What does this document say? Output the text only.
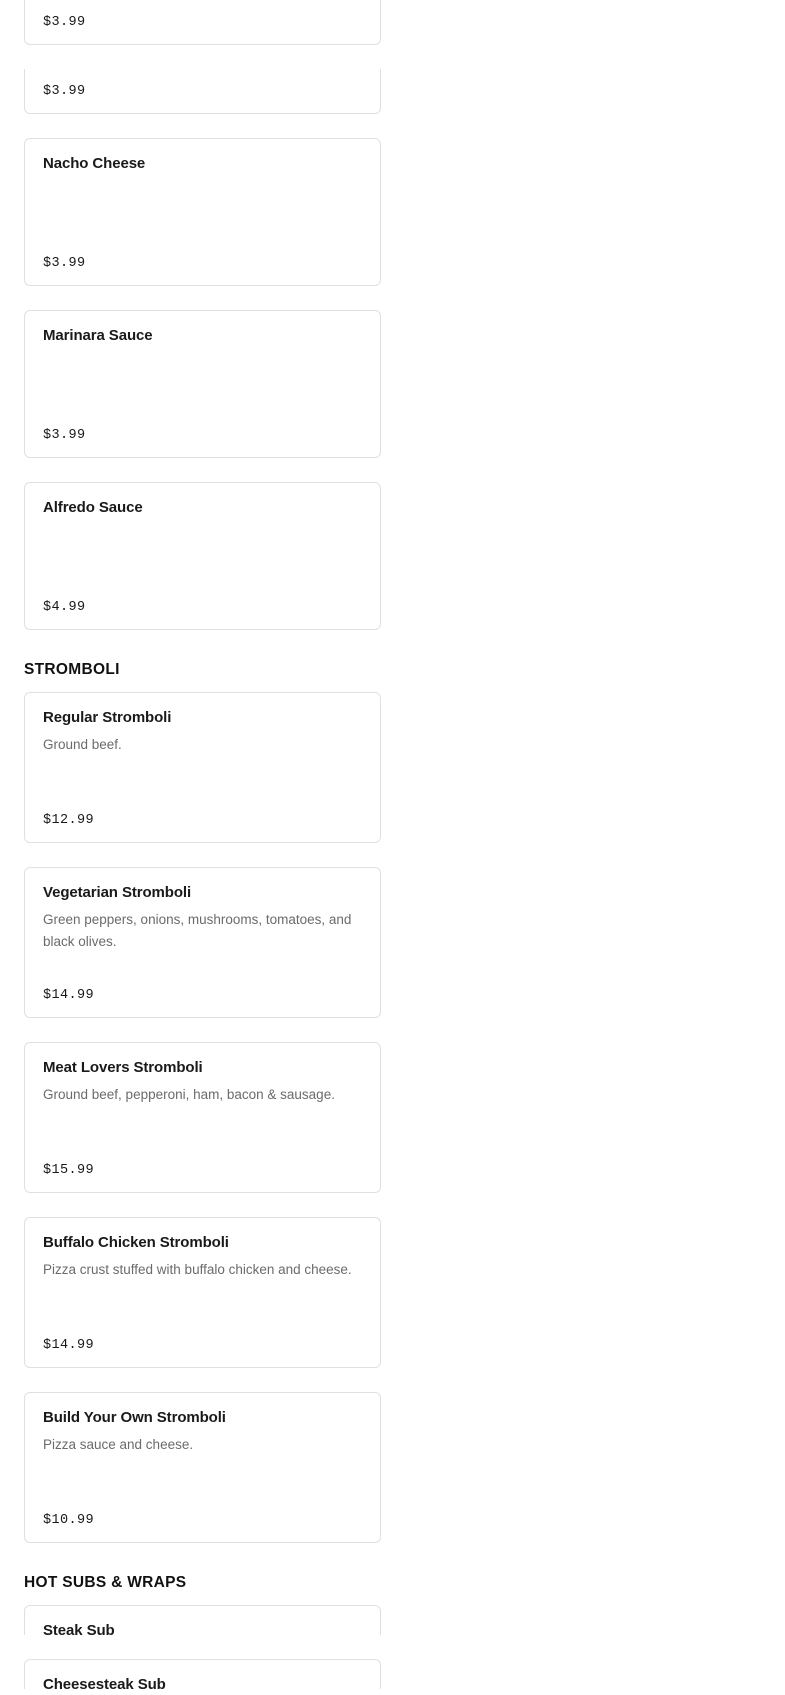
$3.99
$3.99
Nacho Cheese
$3.99
Marinara Sauce
$3.99
Alfredo Sauce
$4.99
STROMBOLI
Regular Stromboli

Ground beef.

$12.99
Vegetarian Stromboli

Green peppers, onions, mushrooms, tomatoes, and black olives.

$14.99
Meat Lovers Stromboli

Ground beef, pepperoni, ham, bacon & sausage.

$15.99
Buffalo Chicken Stromboli

Pizza crust stuffed with buffalo chicken and cheese.

$14.99
Build Your Own Stromboli

Pizza sauce and cheese.

$10.99
HOT SUBS & WRAPS
Steak Sub
Cheesesteak Sub
